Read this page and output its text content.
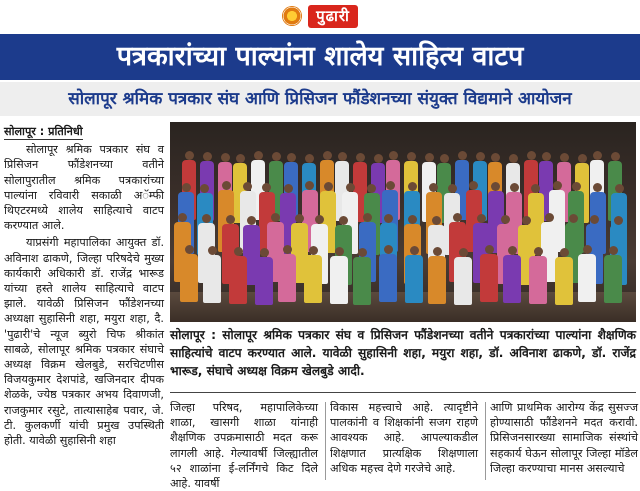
पुढारी
पत्रकारांच्या पाल्यांना शालेय साहित्य वाटप
सोलापूर श्रमिक पत्रकार संघ आणि प्रिसिजन फौंडेशनच्या संयुक्त विद्यमाने आयोजन

सोलापूर : प्रतिनिधी

सोलापूर श्रमिक पत्रकार संघ व प्रिसिजन फौंडेशनच्या वतीने सोलापुरातील श्रमिक पत्रकारांच्या पाल्यांना रविवारी सकाळी अॅम्फी थिएटरमध्ये शालेय साहित्याचे वाटप करण्यात आले.

याप्रसंगी महापालिका आयुक्त डॉ. अविनाश ढाकणे, जिल्हा परिषदेचे मुख्य कार्यकारी अधिकारी डॉ. राजेंद्र भारूड यांच्या हस्ते शालेय साहित्याचे वाटप झाले. यावेळी प्रिसिजन फौंडेशनच्या अध्यक्षा सुहासिनी शहा, मयुरा शहा, दै. 'पुढारी'चे न्यूज ब्युरो चिफ श्रीकांत साबळे, सोलापूर श्रमिक पत्रकार संघाचे अध्यक्ष विक्रम खेलबुडे, सरचिटणीस विजयकुमार देशपांडे, खजिनदार दीपक शेळके, ज्येष्ठ पत्रकार अभय दिवाणजी, राजकुमार रसुटे, तात्यासाहेब पवार, जे. टी. कुलकर्णी यांची प्रमुख उपस्थिती होती. यावेळी सुहासिनी शहा

सोलापूर : सोलापूर श्रमिक पत्रकार संघ व प्रिसिजन फौंडेशनच्या वतीने पत्रकारांच्या पाल्यांना शैक्षणिक साहित्यांचे वाटप करण्यात आले. यावेळी सुहासिनी शहा, मयुरा शहा, डॉ. अविनाश ढाकणे, डॉ. राजेंद्र भारूड, संघाचे अध्यक्ष विक्रम खेलबुडे आदी.

जिल्हा परिषद, महापालिकेच्या शाळा, खासगी शाळा यांनाही शैक्षणिक उपक्रमासाठी मदत करू लागली आहे. गेल्यावर्षी जिल्ह्यातील ५२ शाळांना ई-लर्निंगचे किट दिले आहे. यावर्षी

विकास महत्त्वाचे आहे. त्यादृष्टीने पालकांनी व शिक्षकांनी सजग राहणे आवश्यक आहे. आपल्याकडील शिक्षणात प्रात्यक्षिक शिक्षणाला अधिक महत्त्व देणे गरजेचे आहे.

आणि प्राथमिक आरोग्य केंद्र सुसज्ज होण्यासाठी फौंडेशनने मदत करावी. प्रिसिजनसारख्या सामाजिक संस्थांचे सहकार्य घेऊन सोलापूर जिल्हा मॉडेल जिल्हा करण्याचा मानस असल्याचे
